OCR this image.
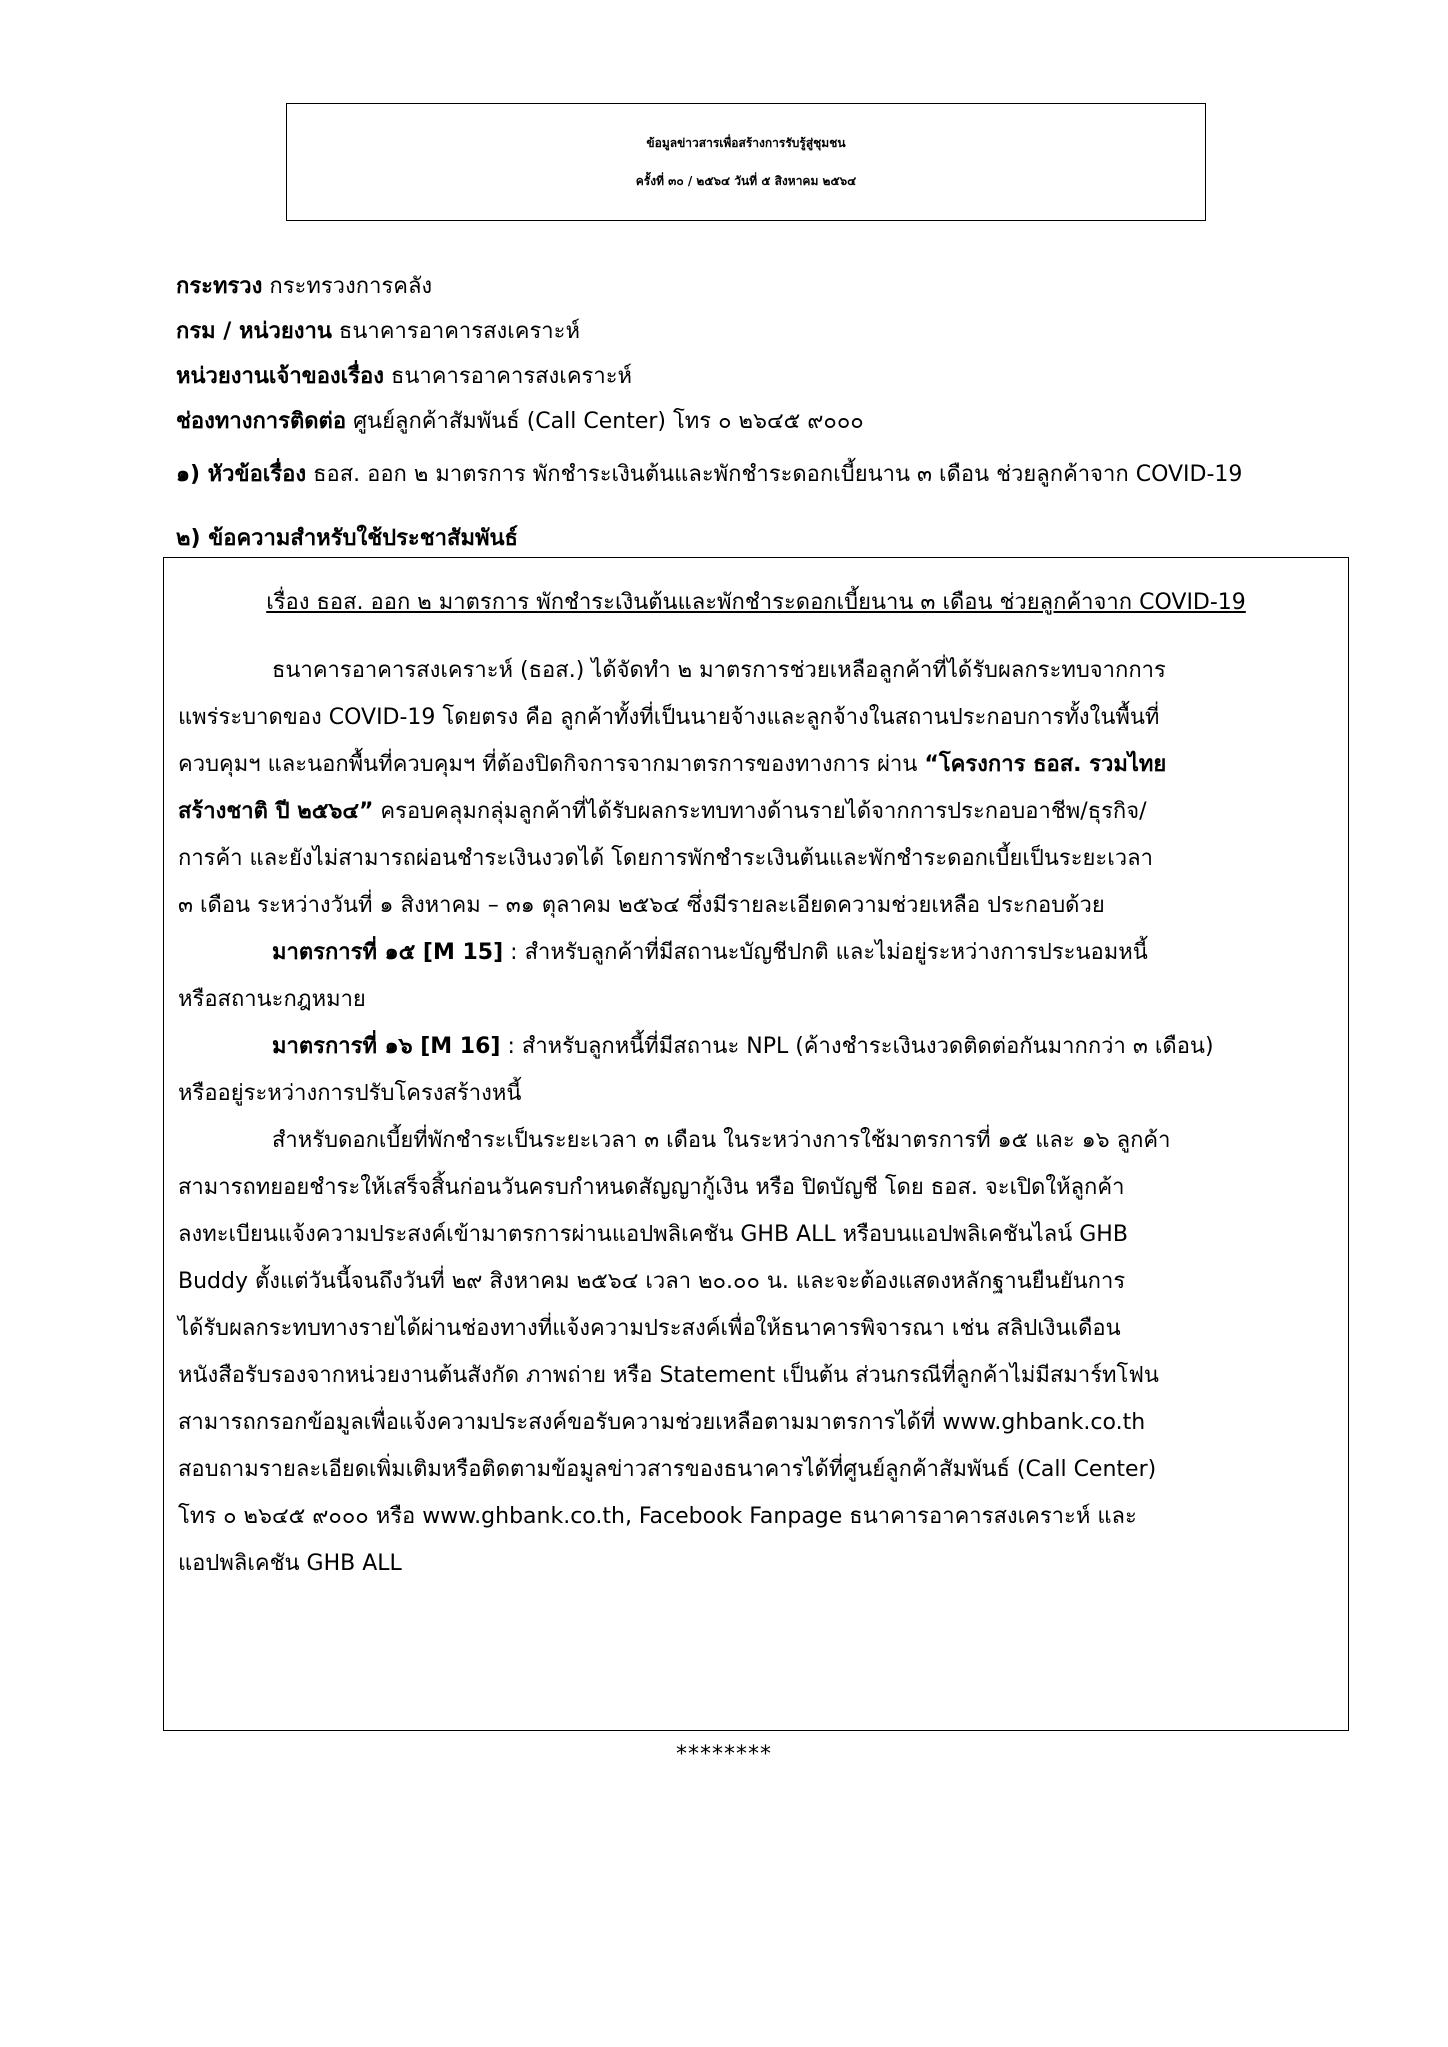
ข้อมูลข่าวสารเพื่อสร้างการรับรู้สู่ชุมชน
ครั้งที่ ๓๐ / ๒๕๖๔ วันที่ ๕ สิงหาคม ๒๕๖๔
กระทรวง กระทรวงการคลัง
กรม / หน่วยงาน ธนาคารอาคารสงเคราะห์
หน่วยงานเจ้าของเรื่อง ธนาคารอาคารสงเคราะห์
ช่องทางการติดต่อ ศูนย์ลูกค้าสัมพันธ์ (Call Center) โทร ๐ ๒๖๔๕ ๙๐๐๐
๑) หัวข้อเรื่อง ธอส. ออก ๒ มาตรการ พักชำระเงินต้นและพักชำระดอกเบี้ยนาน ๓ เดือน ช่วยลูกค้าจาก COVID-19
๒) ข้อความสำหรับใช้ประชาสัมพันธ์
เรื่อง ธอส. ออก ๒ มาตรการ พักชำระเงินต้นและพักชำระดอกเบี้ยนาน ๓ เดือน ช่วยลูกค้าจาก COVID-19
ธนาคารอาคารสงเคราะห์ (ธอส.) ได้จัดทำ ๒ มาตรการช่วยเหลือลูกค้าที่ได้รับผลกระทบจากการ
แพร่ระบาดของ COVID-19 โดยตรง คือ ลูกค้าทั้งที่เป็นนายจ้างและลูกจ้างในสถานประกอบการทั้งในพื้นที่
ควบคุมฯ และนอกพื้นที่ควบคุมฯ ที่ต้องปิดกิจการจากมาตรการของทางการ ผ่าน “โครงการ ธอส. รวมไทย
สร้างชาติ ปี ๒๕๖๔” ครอบคลุมกลุ่มลูกค้าที่ได้รับผลกระทบทางด้านรายได้จากการประกอบอาชีพ/ธุรกิจ/
การค้า และยังไม่สามารถผ่อนชำระเงินงวดได้ โดยการพักชำระเงินต้นและพักชำระดอกเบี้ยเป็นระยะเวลา
๓ เดือน ระหว่างวันที่ ๑ สิงหาคม – ๓๑ ตุลาคม ๒๕๖๔ ซึ่งมีรายละเอียดความช่วยเหลือ ประกอบด้วย
มาตรการที่ ๑๕ [M 15] : สำหรับลูกค้าที่มีสถานะบัญชีปกติ และไม่อยู่ระหว่างการประนอมหนี้
หรือสถานะกฎหมาย
มาตรการที่ ๑๖ [M 16] : สำหรับลูกหนี้ที่มีสถานะ NPL (ค้างชำระเงินงวดติดต่อกันมากกว่า ๓ เดือน)
หรืออยู่ระหว่างการปรับโครงสร้างหนี้
สำหรับดอกเบี้ยที่พักชำระเป็นระยะเวลา ๓ เดือน ในระหว่างการใช้มาตรการที่ ๑๕ และ ๑๖ ลูกค้า
สามารถทยอยชำระให้เสร็จสิ้นก่อนวันครบกำหนดสัญญากู้เงิน หรือ ปิดบัญชี โดย ธอส. จะเปิดให้ลูกค้า
ลงทะเบียนแจ้งความประสงค์เข้ามาตรการผ่านแอปพลิเคชัน GHB ALL หรือบนแอปพลิเคชันไลน์ GHB
Buddy ตั้งแต่วันนี้จนถึงวันที่ ๒๙ สิงหาคม ๒๕๖๔ เวลา ๒๐.๐๐ น. และจะต้องแสดงหลักฐานยืนยันการ
ได้รับผลกระทบทางรายได้ผ่านช่องทางที่แจ้งความประสงค์เพื่อให้ธนาคารพิจารณา เช่น สลิปเงินเดือน
หนังสือรับรองจากหน่วยงานต้นสังกัด ภาพถ่าย หรือ Statement เป็นต้น ส่วนกรณีที่ลูกค้าไม่มีสมาร์ทโฟน
สามารถกรอกข้อมูลเพื่อแจ้งความประสงค์ขอรับความช่วยเหลือตามมาตรการได้ที่ www.ghbank.co.th
สอบถามรายละเอียดเพิ่มเติมหรือติดตามข้อมูลข่าวสารของธนาคารได้ที่ศูนย์ลูกค้าสัมพันธ์ (Call Center)
โทร ๐ ๒๖๔๕ ๙๐๐๐ หรือ www.ghbank.co.th, Facebook Fanpage ธนาคารอาคารสงเคราะห์ และ
แอปพลิเคชัน GHB ALL
********
